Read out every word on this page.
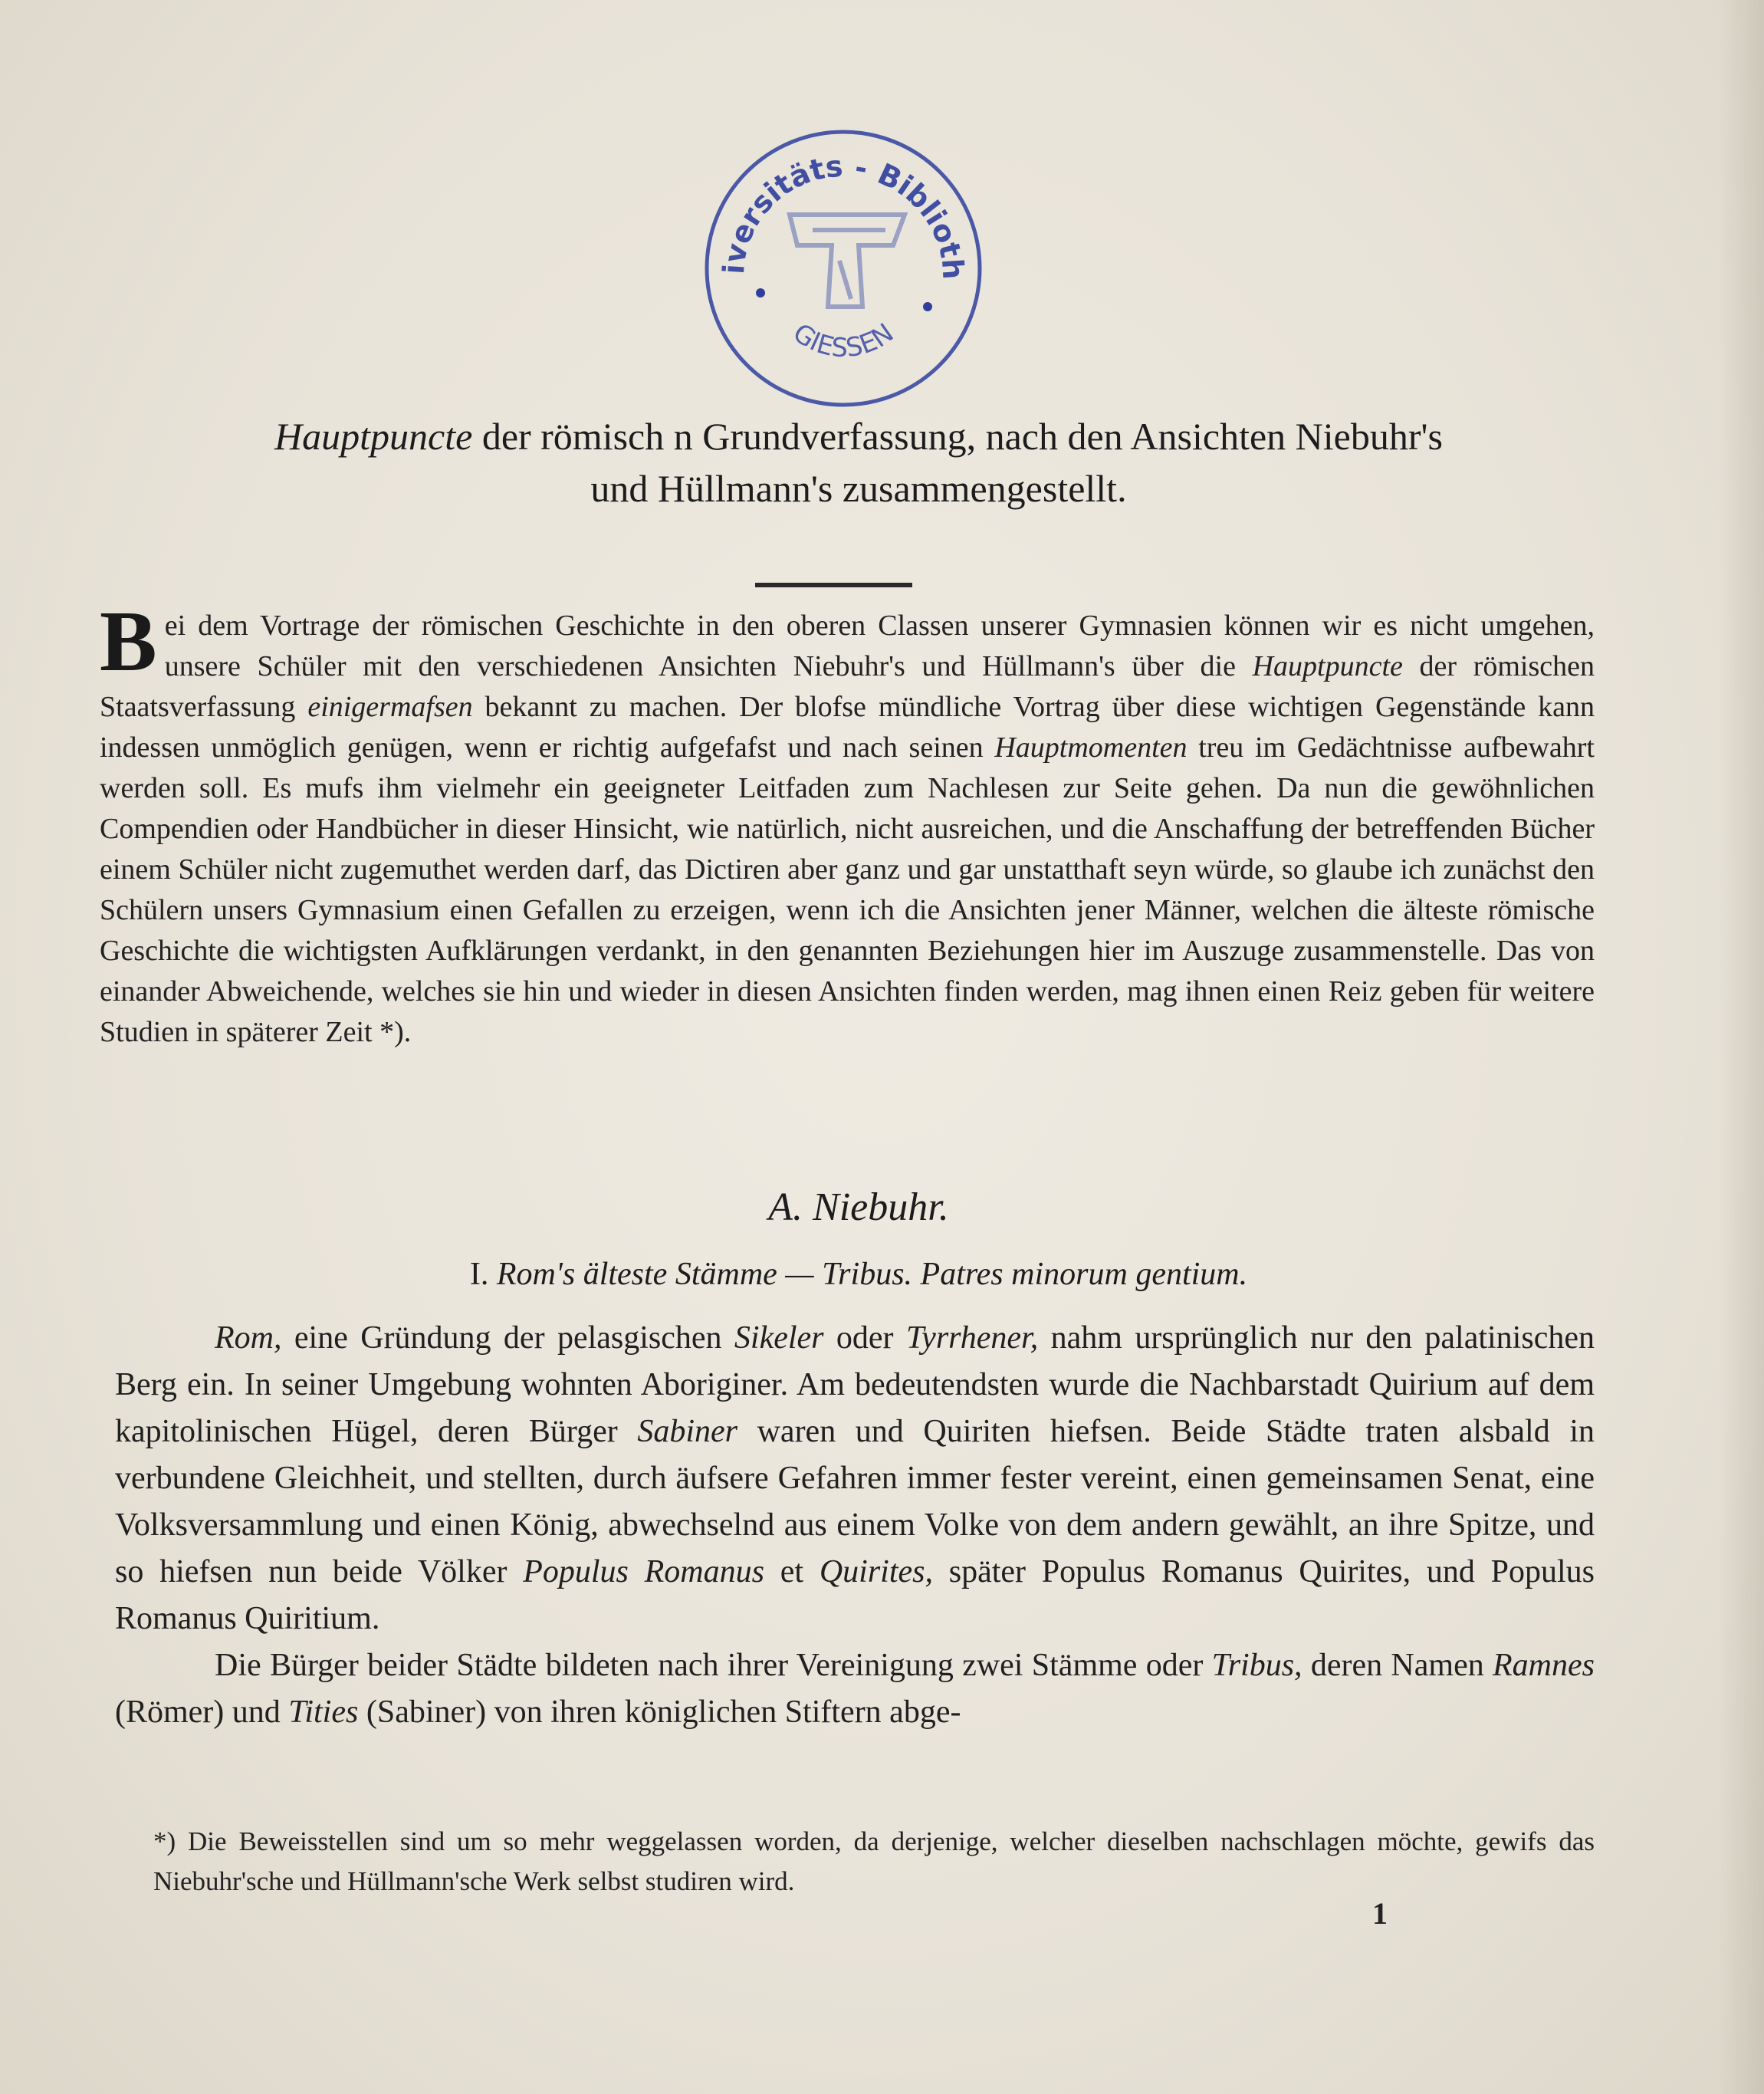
iversitäts - Biblioth
GIESSEN
Hauptpuncte der römisch n Grundverfassung, nach den Ansichten Niebuhr's
und Hüllmann's zusammengestellt.

Bei dem Vortrage der römischen Geschichte in den oberen Classen unserer Gymnasien können wir es nicht umgehen, unsere Schüler mit den verschiedenen Ansichten Niebuhr's und Hüllmann's über die Hauptpuncte der römischen Staatsverfassung einigermafsen bekannt zu machen. Der blofse mündliche Vortrag über diese wichtigen Gegenstände kann indessen unmöglich genügen, wenn er richtig aufgefafst und nach seinen Hauptmomenten treu im Gedächtnisse aufbewahrt werden soll. Es mufs ihm vielmehr ein geeigneter Leitfaden zum Nachlesen zur Seite gehen. Da nun die gewöhnlichen Compendien oder Handbücher in dieser Hinsicht, wie natürlich, nicht ausreichen, und die Anschaffung der betreffenden Bücher einem Schüler nicht zugemuthet werden darf, das Dictiren aber ganz und gar unstatthaft seyn würde, so glaube ich zunächst den Schülern unsers Gymnasium einen Gefallen zu erzeigen, wenn ich die Ansichten jener Männer, welchen die älteste römische Geschichte die wichtigsten Aufklärungen verdankt, in den genannten Beziehungen hier im Auszuge zusammenstelle. Das von einander Abweichende, welches sie hin und wieder in diesen Ansichten finden werden, mag ihnen einen Reiz geben für weitere Studien in späterer Zeit *).

A. Niebuhr.
I. Rom's älteste Stämme — Tribus. Patres minorum gentium.

Rom, eine Gründung der pelasgischen Sikeler oder Tyrrhener, nahm ursprünglich nur den palatinischen Berg ein. In seiner Umgebung wohnten Aboriginer. Am bedeutendsten wurde die Nachbarstadt Quirium auf dem kapitolinischen Hügel, deren Bürger Sabiner waren und Quiriten hiefsen. Beide Städte traten alsbald in verbundene Gleichheit, und stellten, durch äufsere Gefahren immer fester vereint, einen gemeinsamen Senat, eine Volksversammlung und einen König, abwechselnd aus einem Volke von dem andern gewählt, an ihre Spitze, und so hiefsen nun beide Völker Populus Romanus et Quirites, später Populus Romanus Quirites, und Populus Romanus Quiritium.

Die Bürger beider Städte bildeten nach ihrer Vereinigung zwei Stämme oder Tribus, deren Namen Ramnes (Römer) und Tities (Sabiner) von ihren königlichen Stiftern abge-

*) Die Beweisstellen sind um so mehr weggelassen worden, da derjenige, welcher dieselben nachschlagen möchte, gewifs das Niebuhr'sche und Hüllmann'sche Werk selbst studiren wird.
1
